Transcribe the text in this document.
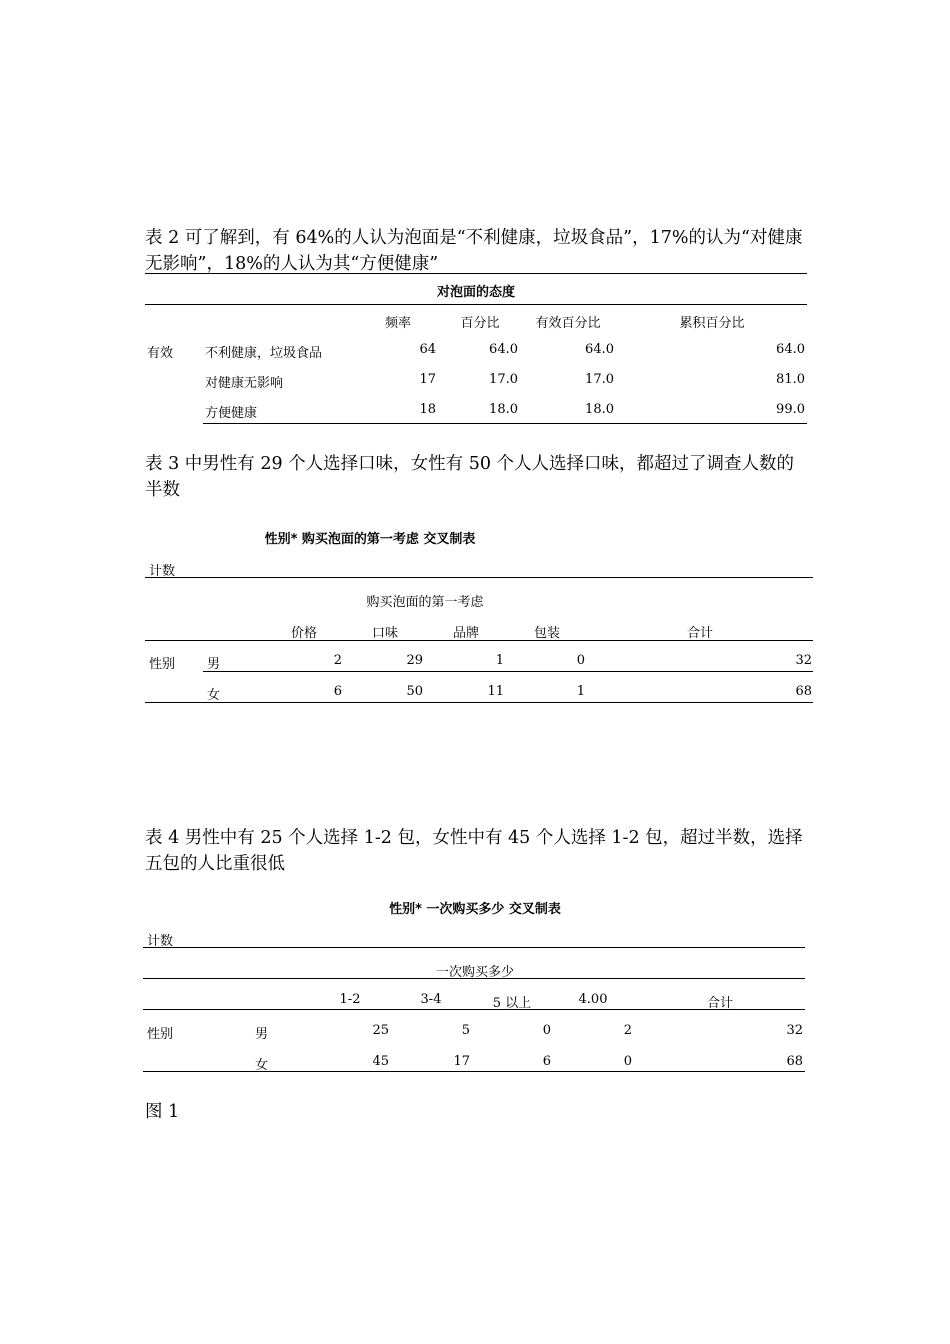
表 2 可了解到，有 64%的人认为泡面是“不利健康，垃圾食品”，17%的认为“对健康无影响”，18%的人认为其“方便健康”
对泡面的态度
频率	百分比	有效百分比	累积百分比
有效 不利健康，垃圾食品	64	64.0	64.0	64.0
对健康无影响	17	17.0	17.0	81.0
方便健康	18	18.0	18.0	99.0
表 3 中男性有 29 个人选择口味，女性有 50 个人人选择口味，都超过了调查人数的半数
性别* 购买泡面的第一考虑 交叉制表
计数
购买泡面的第一考虑
价格	口味	品牌	包装	合计
性别 男	2	29	1	0	32
女	6	50	11	1	68
表 4 男性中有 25 个人选择 1-2 包，女性中有 45 个人选择 1-2 包，超过半数，选择五包的人比重很低
性别* 一次购买多少 交叉制表
计数
一次购买多少
1-2	3-4	5 以上	4.00	合计
性别	男	25	5	0	2	32
女	45	17	6	0	68
图 1
